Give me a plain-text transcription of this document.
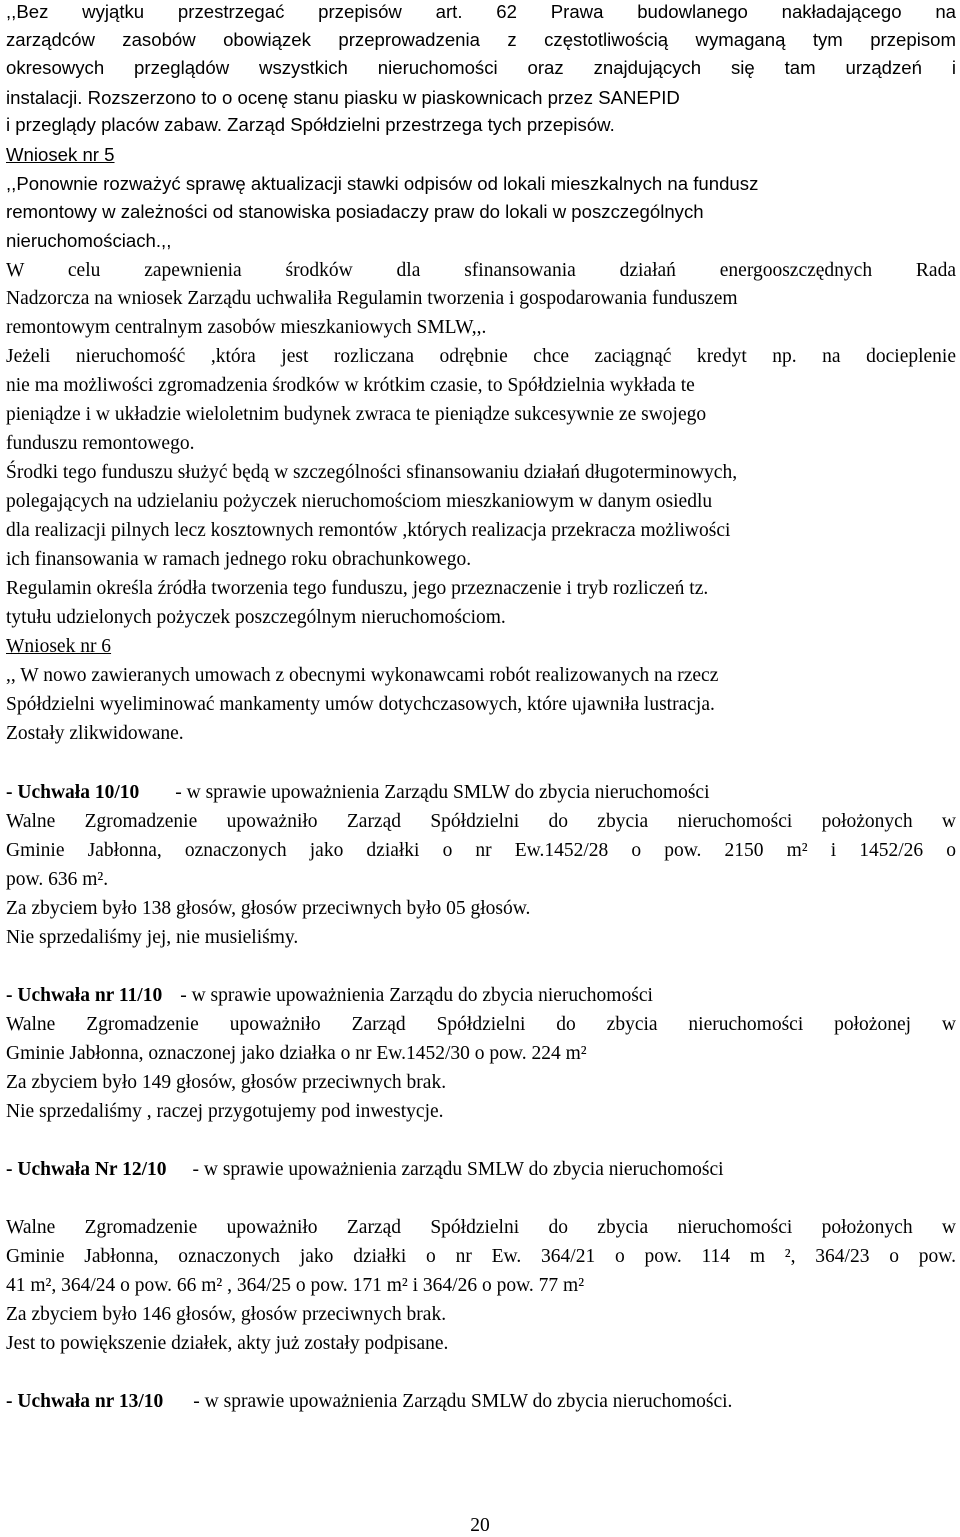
,,Bez wyjątku przestrzegać przepisów art. 62 Prawa budowlanego nakładającego na
zarządców zasobów obowiązek przeprowadzenia z częstotliwością wymaganą tym przepisom
okresowych przeglądów wszystkich nieruchomości oraz znajdujących się tam urządzeń i
instalacji. Rozszerzono to o ocenę stanu piasku w piaskownicach przez SANEPID
i przeglądy placów zabaw. Zarząd Spółdzielni przestrzega tych przepisów.
Wniosek nr 5
,,Ponownie rozważyć sprawę aktualizacji stawki odpisów od lokali mieszkalnych na fundusz
remontowy w zależności od stanowiska posiadaczy praw do lokali w poszczególnych
nieruchomościach.,,
W celu zapewnienia środków dla sfinansowania działań energooszczędnych Rada
Nadzorcza na wniosek Zarządu uchwaliła Regulamin tworzenia i gospodarowania funduszem
remontowym centralnym zasobów mieszkaniowych SMLW,,.
Jeżeli nieruchomość ,która jest rozliczana odrębnie chce zaciągnąć kredyt np. na docieplenie
nie ma możliwości zgromadzenia środków w krótkim czasie, to Spółdzielnia wykłada te
pieniądze i w układzie wieloletnim budynek zwraca te pieniądze sukcesywnie ze swojego
funduszu remontowego.
Środki tego funduszu służyć będą w szczególności sfinansowaniu działań długoterminowych,
polegających na udzielaniu pożyczek nieruchomościom mieszkaniowym w danym osiedlu
dla realizacji pilnych lecz kosztownych remontów ,których realizacja przekracza możliwości
ich finansowania w ramach jednego roku obrachunkowego.
Regulamin określa źródła tworzenia tego funduszu, jego przeznaczenie i tryb rozliczeń tz.
tytułu udzielonych pożyczek poszczególnym nieruchomościom.
Wniosek nr 6
,, W nowo zawieranych umowach z obecnymi wykonawcami robót realizowanych na rzecz
Spółdzielni wyeliminować mankamenty umów dotychczasowych, które ujawniła lustracja.
Zostały zlikwidowane.
- Uchwała 10/10 - w sprawie upoważnienia Zarządu SMLW do zbycia nieruchomości
Walne Zgromadzenie upoważniło Zarząd Spółdzielni do zbycia nieruchomości położonych w
Gminie Jabłonna, oznaczonych jako działki o nr Ew.1452/28 o pow. 2150 m² i 1452/26 o
pow. 636 m².
Za zbyciem było 138 głosów, głosów przeciwnych było 05 głosów.
Nie sprzedaliśmy jej, nie musieliśmy.
- Uchwała nr 11/10 - w sprawie upoważnienia Zarządu do zbycia nieruchomości
Walne Zgromadzenie upoważniło Zarząd Spółdzielni do zbycia nieruchomości położonej w
Gminie Jabłonna, oznaczonej jako działka o nr Ew.1452/30 o pow. 224 m²
Za zbyciem było 149 głosów, głosów przeciwnych brak.
Nie sprzedaliśmy , raczej przygotujemy pod inwestycje.
- Uchwała Nr 12/10 - w sprawie upoważnienia zarządu SMLW do zbycia nieruchomości
Walne Zgromadzenie upoważniło Zarząd Spółdzielni do zbycia nieruchomości położonych w
Gminie Jabłonna, oznaczonych jako działki o nr Ew. 364/21 o pow. 114 m ², 364/23 o pow.
41 m², 364/24 o pow. 66 m² , 364/25 o pow. 171 m² i 364/26 o pow. 77 m²
Za zbyciem było 146 głosów, głosów przeciwnych brak.
Jest to powiększenie działek, akty już zostały podpisane.
- Uchwała nr 13/10 - w sprawie upoważnienia Zarządu SMLW do zbycia nieruchomości.
20
